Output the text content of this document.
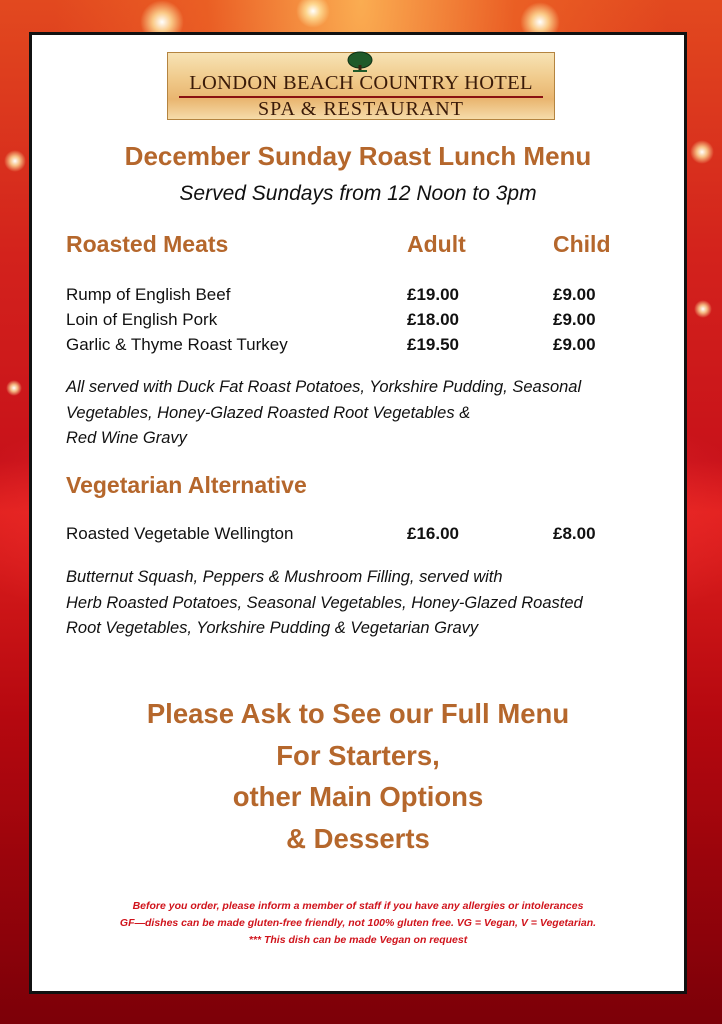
LONDON BEACH COUNTRY HOTEL
SPA & RESTAURANT
December Sunday Roast Lunch Menu
Served Sundays from 12 Noon to 3pm
Roasted Meats	Adult	Child
Rump of English Beef	£19.00	£9.00
Loin of English Pork	£18.00	£9.00
Garlic & Thyme Roast Turkey	£19.50	£9.00
All served with Duck Fat Roast Potatoes, Yorkshire Pudding, Seasonal
Vegetables, Honey-Glazed Roasted Root Vegetables &
Red Wine Gravy
Vegetarian Alternative
Roasted Vegetable Wellington	£16.00	£8.00
Butternut Squash, Peppers & Mushroom Filling, served with
Herb Roasted Potatoes, Seasonal Vegetables, Honey-Glazed Roasted
Root Vegetables, Yorkshire Pudding & Vegetarian Gravy
Please Ask to See our Full Menu
For Starters,
other Main Options
& Desserts
Before you order, please inform a member of staff if you have any allergies or intolerances
GF—dishes can be made gluten-free friendly, not 100% gluten free. VG = Vegan, V = Vegetarian.
*** This dish can be made Vegan on request
